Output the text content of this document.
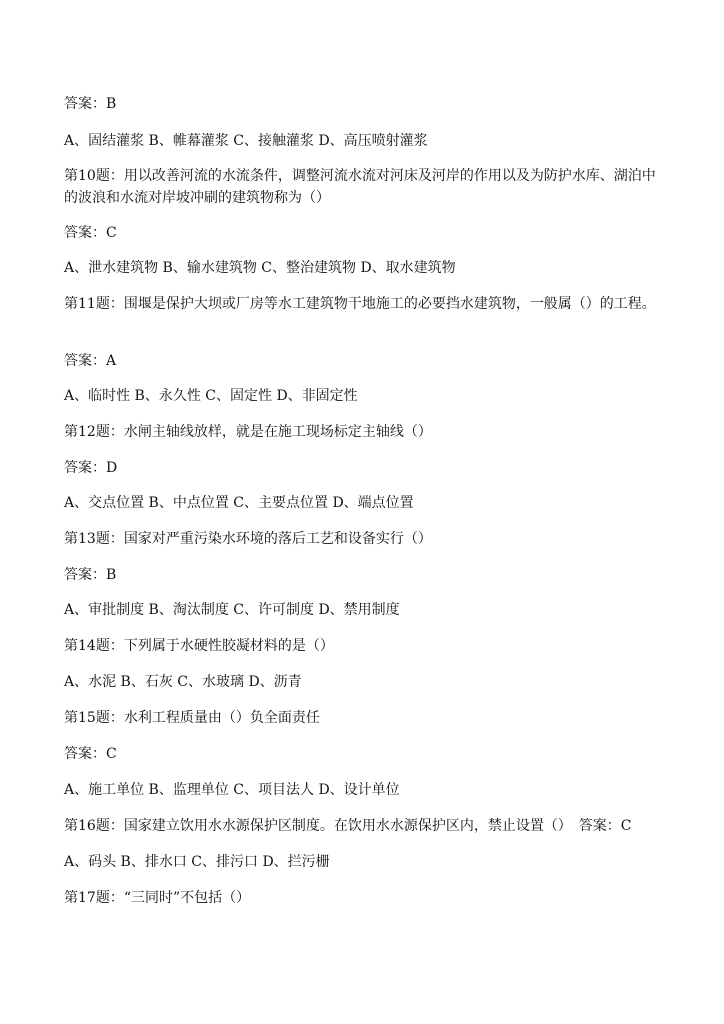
答案：B
A、固结灌浆 B、帷幕灌浆 C、接触灌浆 D、高压喷射灌浆
第10题：用以改善河流的水流条件，调整河流水流对河床及河岸的作用以及为防护水库、湖泊中的波浪和水流对岸坡冲刷的建筑物称为（）
答案：C
A、泄水建筑物 B、输水建筑物 C、整治建筑物 D、取水建筑物
第11题：围堰是保护大坝或厂房等水工建筑物干地施工的必要挡水建筑物，一般属（）的工程。
答案：A
A、临时性 B、永久性 C、固定性 D、非固定性
第12题：水闸主轴线放样，就是在施工现场标定主轴线（）
答案：D
A、交点位置 B、中点位置 C、主要点位置 D、端点位置
第13题：国家对严重污染水环境的落后工艺和设备实行（）
答案：B
A、审批制度 B、淘汰制度 C、许可制度 D、禁用制度
第14题：下列属于水硬性胶凝材料的是（）
A、水泥 B、石灰 C、水玻璃 D、沥青
第15题：水利工程质量由（）负全面责任
答案：C
A、施工单位 B、监理单位 C、项目法人 D、设计单位
第16题：国家建立饮用水水源保护区制度。在饮用水水源保护区内，禁止设置（）　答案：C
A、码头 B、排水口 C、排污口 D、拦污栅
第17题：“三同时”不包括（）
